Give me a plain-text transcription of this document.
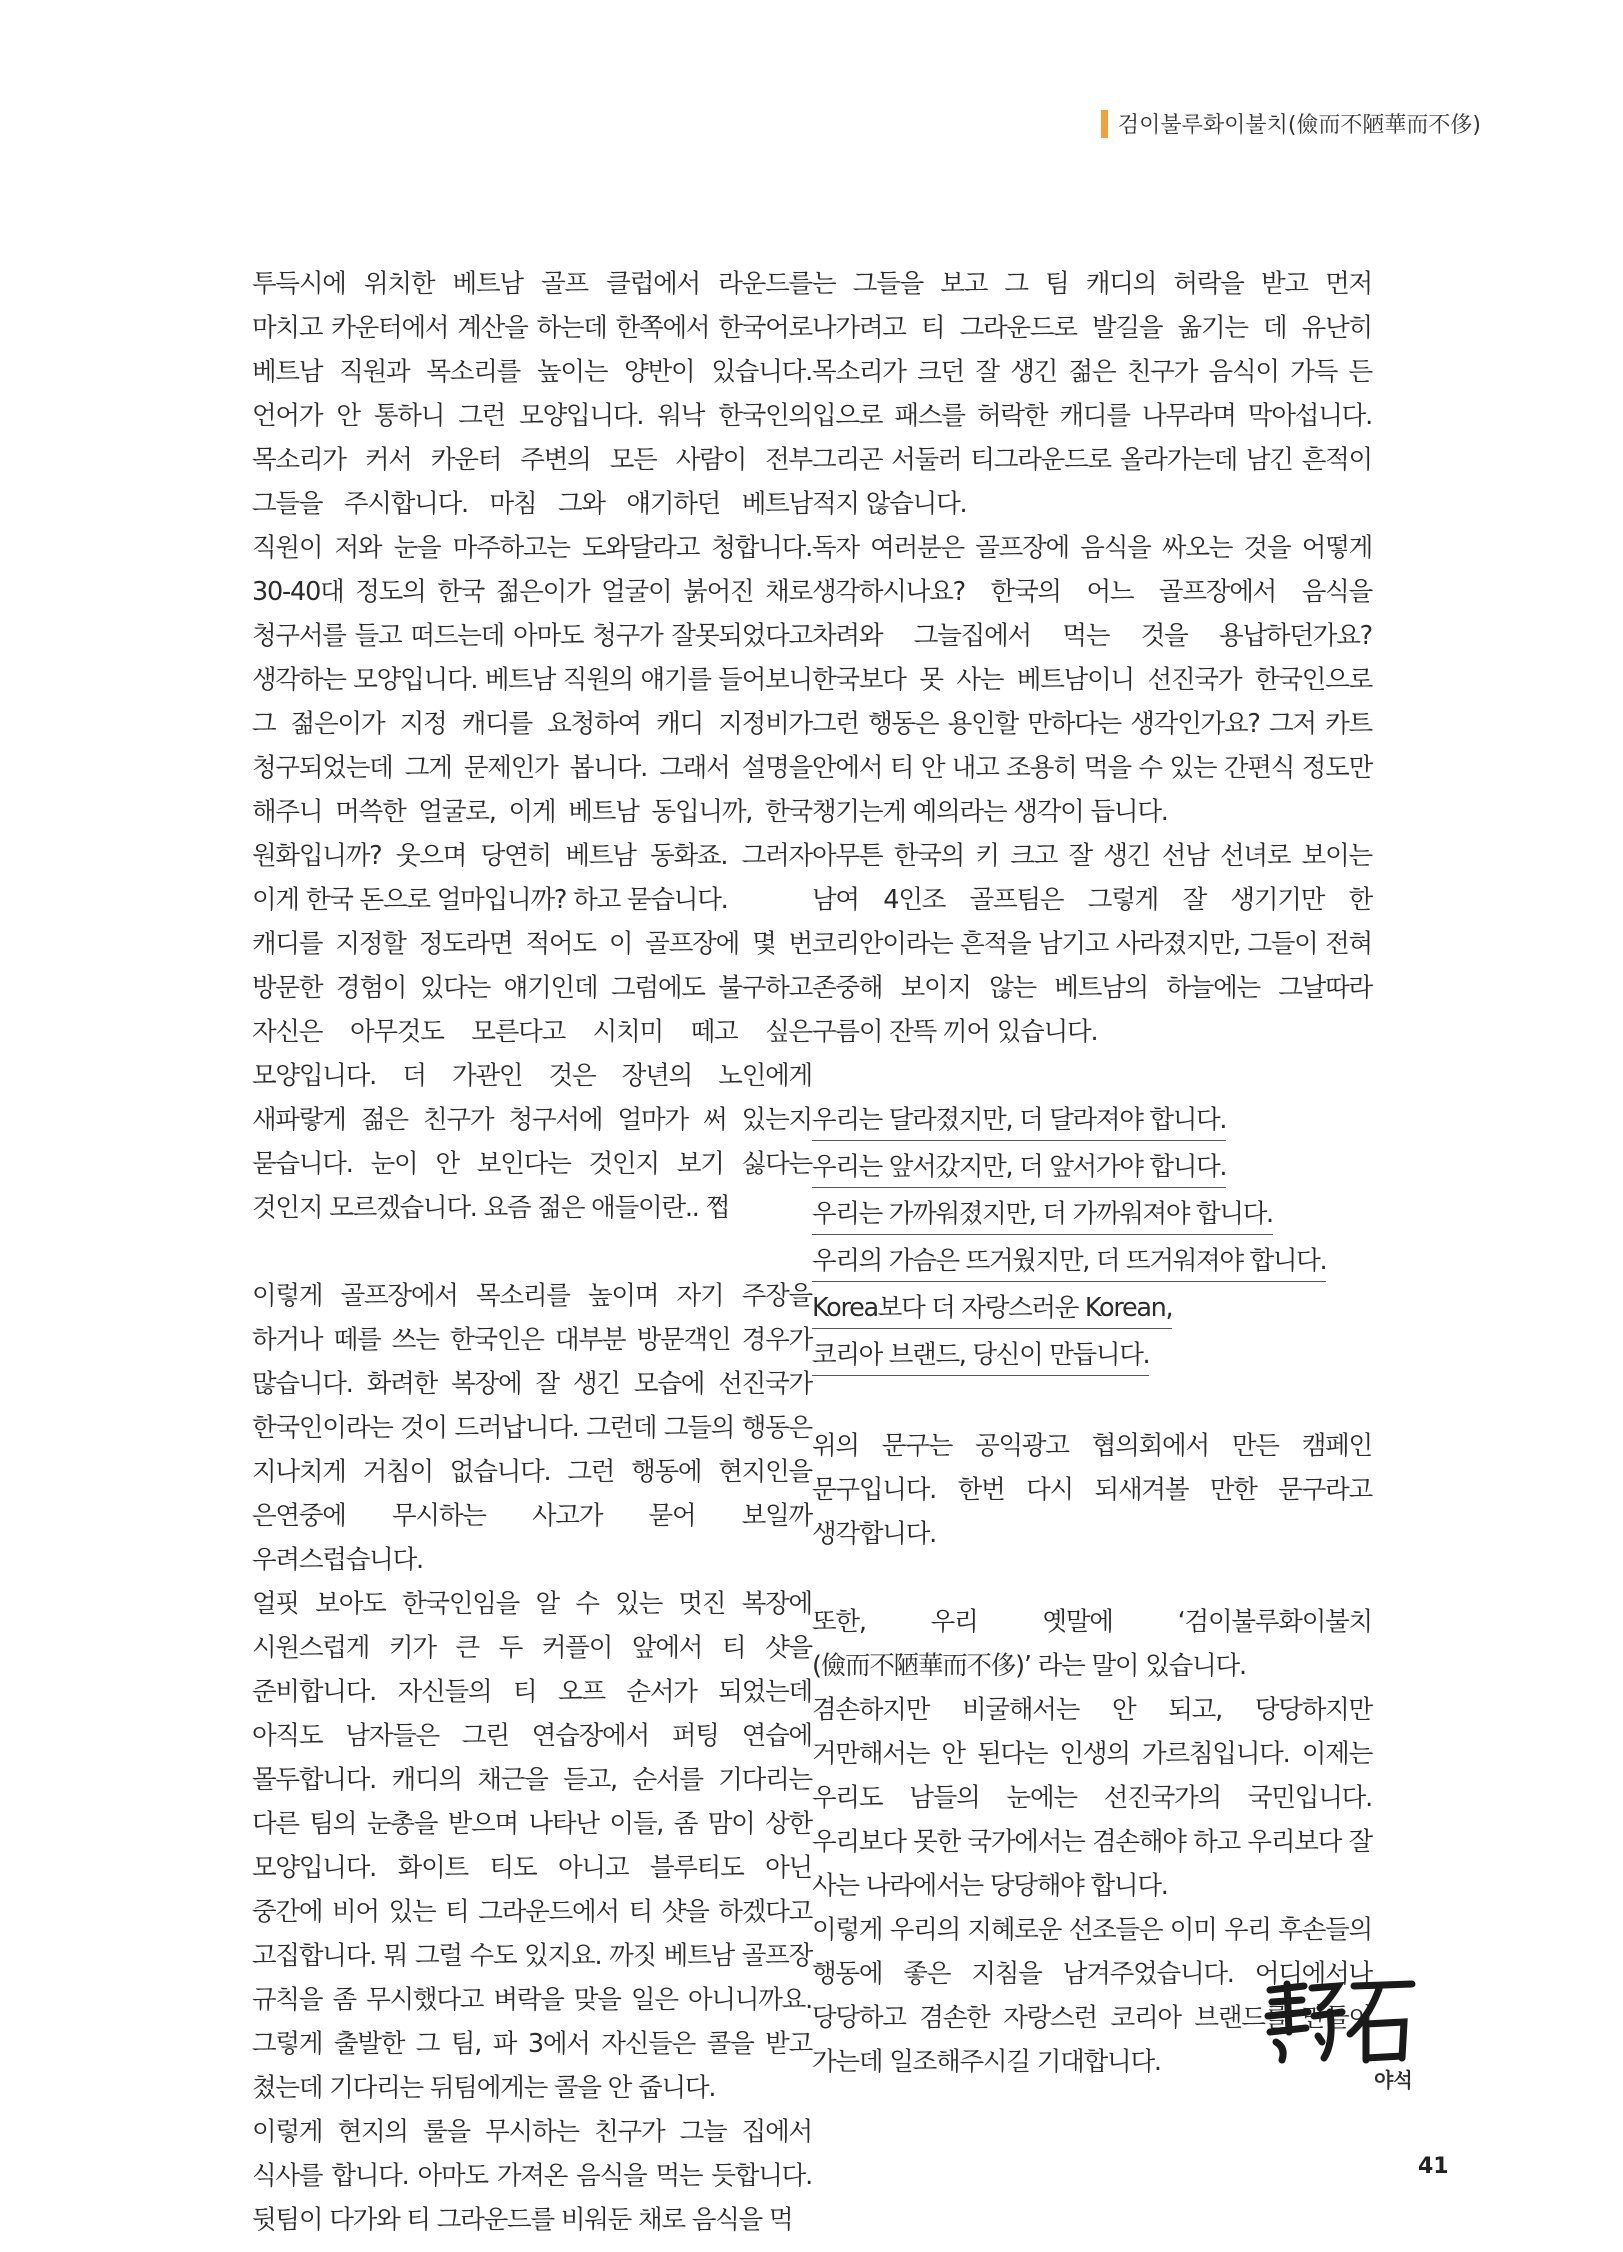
검이불루화이불치(儉而不陋華而不侈)

투득시에 위치한 베트남 골프 클럽에서 라운드를 마치고 카운터에서 계산을 하는데 한쪽에서 한국어로 베트남 직원과 목소리를 높이는 양반이 있습니다. 언어가 안 통하니 그런 모양입니다. 워낙 한국인의 목소리가 커서 카운터 주변의 모든 사람이 전부 그들을 주시합니다. 마침 그와 얘기하던 베트남 직원이 저와 눈을 마주하고는 도와달라고 청합니다. 30-40대 정도의 한국 젊은이가 얼굴이 붉어진 채로 청구서를 들고 떠드는데 아마도 청구가 잘못되었다고 생각하는 모양입니다. 베트남 직원의 얘기를 들어보니 그 젊은이가 지정 캐디를 요청하여 캐디 지정비가 청구되었는데 그게 문제인가 봅니다. 그래서 설명을 해주니 머쓱한 얼굴로, 이게 베트남 동입니까, 한국 원화입니까? 웃으며 당연히 베트남 동화죠. 그러자 이게 한국 돈으로 얼마입니까? 하고 묻습니다.

캐디를 지정할 정도라면 적어도 이 골프장에 몇 번 방문한 경험이 있다는 얘기인데 그럼에도 불구하고 자신은 아무것도 모른다고 시치미 떼고 싶은 모양입니다. 더 가관인 것은 장년의 노인에게 새파랗게 젊은 친구가 청구서에 얼마가 써 있는지 묻습니다. 눈이 안 보인다는 것인지 보기 싫다는 것인지 모르겠습니다. 요즘 젊은 애들이란.. 쩝

이렇게 골프장에서 목소리를 높이며 자기 주장을 하거나 떼를 쓰는 한국인은 대부분 방문객인 경우가 많습니다. 화려한 복장에 잘 생긴 모습에 선진국가 한국인이라는 것이 드러납니다. 그런데 그들의 행동은 지나치게 거침이 없습니다. 그런 행동에 현지인을 은연중에 무시하는 사고가 묻어 보일까 우려스럽습니다.

얼핏 보아도 한국인임을 알 수 있는 멋진 복장에 시원스럽게 키가 큰 두 커플이 앞에서 티 샷을 준비합니다. 자신들의 티 오프 순서가 되었는데 아직도 남자들은 그린 연습장에서 퍼팅 연습에 몰두합니다. 캐디의 채근을 듣고, 순서를 기다리는 다른 팀의 눈총을 받으며 나타난 이들, 좀 맘이 상한 모양입니다. 화이트 티도 아니고 블루티도 아닌 중간에 비어 있는 티 그라운드에서 티 샷을 하겠다고 고집합니다. 뭐 그럴 수도 있지요. 까짓 베트남 골프장 규칙을 좀 무시했다고 벼락을 맞을 일은 아니니까요. 그렇게 출발한 그 팀, 파 3에서 자신들은 콜을 받고 쳤는데 기다리는 뒤팀에게는 콜을 안 줍니다.

이렇게 현지의 룰을 무시하는 친구가 그늘 집에서 식사를 합니다. 아마도 가져온 음식을 먹는 듯합니다. 뒷팀이 다가와 티 그라운드를 비워둔 채로 음식을 먹

는 그들을 보고 그 팀 캐디의 허락을 받고 먼저 나가려고 티 그라운드로 발길을 옮기는 데 유난히 목소리가 크던 잘 생긴 젊은 친구가 음식이 가득 든 입으로 패스를 허락한 캐디를 나무라며 막아섭니다. 그리곤 서둘러 티그라운드로 올라가는데 남긴 흔적이 적지 않습니다.

독자 여러분은 골프장에 음식을 싸오는 것을 어떻게 생각하시나요? 한국의 어느 골프장에서 음식을 차려와 그늘집에서 먹는 것을 용납하던가요? 한국보다 못 사는 베트남이니 선진국가 한국인으로 그런 행동은 용인할 만하다는 생각인가요? 그저 카트 안에서 티 안 내고 조용히 먹을 수 있는 간편식 정도만 챙기는게 예의라는 생각이 듭니다.

아무튼 한국의 키 크고 잘 생긴 선남 선녀로 보이는 남여 4인조 골프팀은 그렇게 잘 생기기만 한 코리안이라는 흔적을 남기고 사라졌지만, 그들이 전혀 존중해 보이지 않는 베트남의 하늘에는 그날따라 구름이 잔뜩 끼어 있습니다.

우리는 달라졌지만, 더 달라져야 합니다.
우리는 앞서갔지만, 더 앞서가야 합니다.
우리는 가까워졌지만, 더 가까워져야 합니다.
우리의 가슴은 뜨거웠지만, 더 뜨거워져야 합니다.
Korea보다 더 자랑스러운 Korean,
코리아 브랜드, 당신이 만듭니다.

위의 문구는 공익광고 협의회에서 만든 캠페인 문구입니다. 한번 다시 되새겨볼 만한 문구라고 생각합니다.

또한, 우리 옛말에 ‘검이불루화이불치(儉而不陋華而不侈)’ 라는 말이 있습니다.

겸손하지만 비굴해서는 안 되고, 당당하지만 거만해서는 안 된다는 인생의 가르침입니다. 이제는 우리도 남들의 눈에는 선진국가의 국민입니다. 우리보다 못한 국가에서는 겸손해야 하고 우리보다 잘 사는 나라에서는 당당해야 합니다.

이렇게 우리의 지혜로운 선조들은 이미 우리 후손들의 행동에 좋은 지침을 남겨주었습니다. 어디에서나 당당하고 겸손한 자랑스런 코리아 브랜드를 만들어 가는데 일조해주시길 기대합니다.

야석
41
